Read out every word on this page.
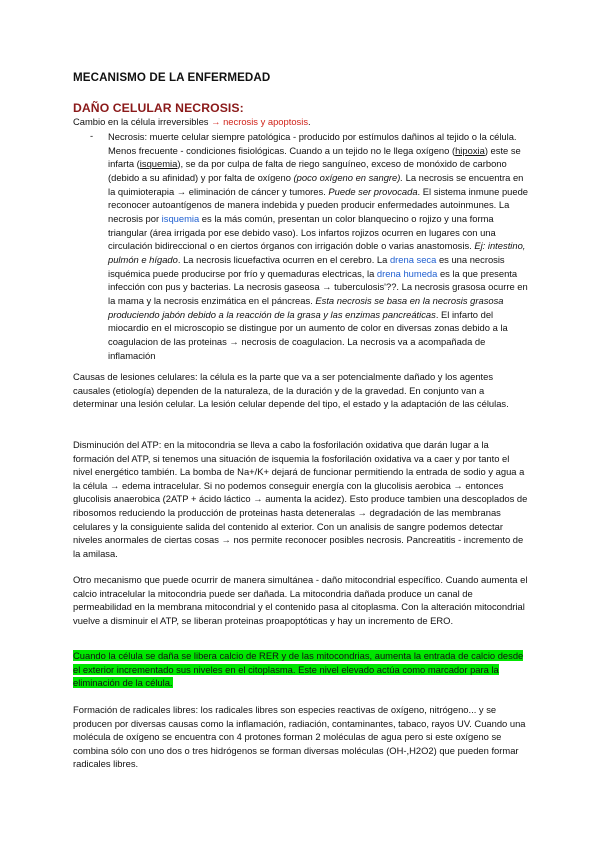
MECANISMO DE LA ENFERMEDAD
DAÑO CELULAR NECROSIS:
Cambio en la célula irreversibles → necrosis y apoptosis.
- Necrosis: muerte celular siempre patológica - producido por estímulos dañinos al tejido o la célula. Menos frecuente - condiciones fisiológicas. Cuando a un tejido no le llega oxígeno (hipoxia) este se infarta (isquemia), se da por culpa de falta de riego sanguíneo, exceso de monóxido de carbono (debido a su afinidad) y por falta de oxígeno (poco oxígeno en sangre). La necrosis se encuentra en la quimioterapia → eliminación de cáncer y tumores. Puede ser provocada. El sistema inmune puede reconocer autoantígenos de manera indebida y pueden producir enfermedades autoinmunes. La necrosis por isquemia es la más común, presentan un color blanquecino o rojizo y una forma triangular (área irrigada por ese debido vaso). Los infartos rojizos ocurren en lugares con una circulación bidireccional o en ciertos órganos con irrigación doble o varias anastomosis. Ej: intestino, pulmón e hígado. La necrosis licuefactiva ocurren en el cerebro. La drena seca es una necrosis isquémica puede producirse por frío y quemaduras electricas, la drena humeda es la que presenta infección con pus y bacterias. La necrosis gaseosa → tuberculosis'??. La necrosis grasosa ocurre en la mama y la necrosis enzimática en el páncreas. Esta necrosis se basa en la necrosis grasosa produciendo jabón debido a la reacción de la grasa y las enzimas pancreáticas. El infarto del miocardio en el microscopio se distingue por un aumento de color en diversas zonas debido a la coagulacion de las proteinas → necrosis de coagulacion. La necrosis va a acompañada de inflamación
Causas de lesiones celulares: la célula es la parte que va a ser potencialmente dañado y los agentes causales (etiología) dependen de la naturaleza, de la duración y de la gravedad. En conjunto van a determinar una lesión celular. La lesión celular depende del tipo, el estado y la adaptación de las células.
Disminución del ATP: en la mitocondria se lleva a cabo la fosforilación oxidativa que darán lugar a la formación del ATP, si tenemos una situación de isquemia la fosforilación oxidativa va a caer y por tanto el nivel energético también. La bomba de Na+/K+ dejará de funcionar permitiendo la entrada de sodio y agua a la célula → edema intracelular. Si no podemos conseguir energía con la glucolisis aerobica → entonces glucolisis anaerobica (2ATP + ácido láctico → aumenta la acidez). Esto produce tambien una descoplados de ribosomos reduciendo la producción de proteinas hasta deteneralas → degradación de las membranas celulares y la consiguiente salida del contenido al exterior. Con un analisis de sangre podemos detectar niveles anormales de ciertas cosas → nos permite reconocer posibles necrosis. Pancreatitis - incremento de la amilasa.
Otro mecanismo que puede ocurrir de manera simultánea - daño mitocondrial específico. Cuando aumenta el calcio intracelular la mitocondria puede ser dañada. La mitocondria dañada produce un canal de permeabilidad en la membrana mitocondrial y el contenido pasa al citoplasma. Con la alteración mitocondrial vuelve a disminuir el ATP, se liberan proteinas proapoptóticas y hay un incremento de ERO.
Cuando la célula se daña se libera calcio de RER y de las mitocondrias, aumenta la entrada de calcio desde el exterior incrementado sus niveles en el citoplasma. Este nivel elevado actúa como marcador para la eliminación de la célula.
Formación de radicales libres: los radicales libres son especies reactivas de oxígeno, nitrógeno... y se producen por diversas causas como la inflamación, radiación, contaminantes, tabaco, rayos UV. Cuando una molécula de oxígeno se encuentra con 4 protones forman 2 moléculas de agua pero si este oxígeno se combina sólo con uno dos o tres hidrógenos se forman diversas moléculas (OH-,H2O2) que pueden formar radicales libres.
